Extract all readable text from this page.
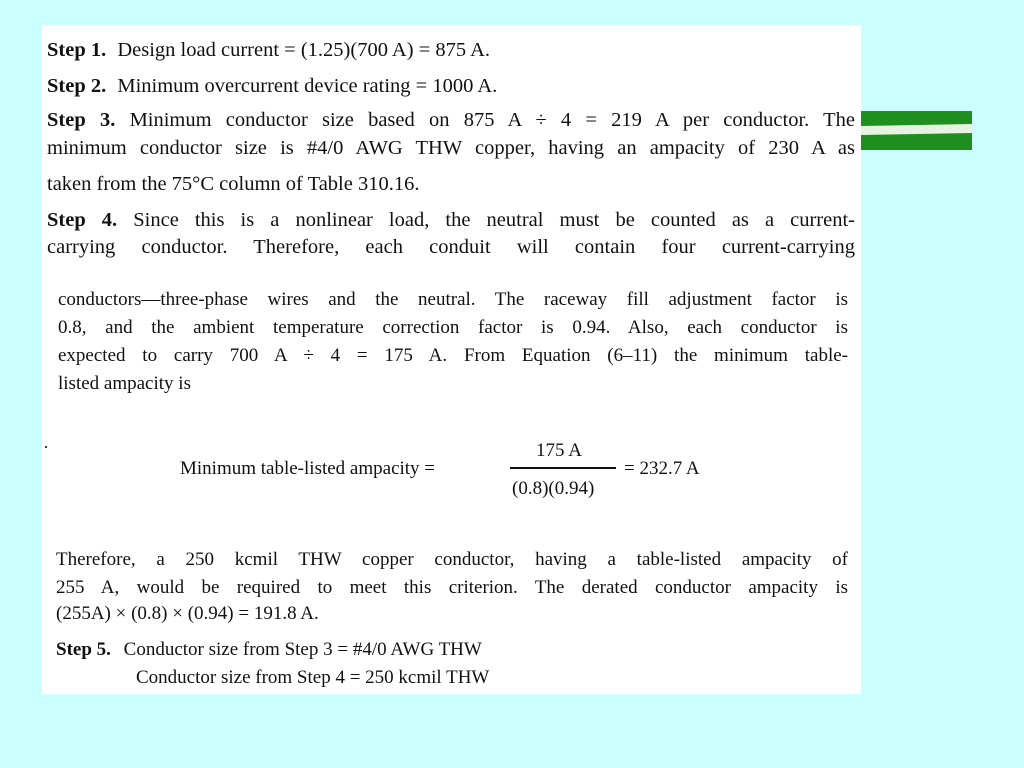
Step 1. Design load current = (1.25)(700 A) = 875 A.
Step 2. Minimum overcurrent device rating = 1000 A.
Step 3. Minimum conductor size based on 875 A ÷ 4 = 219 A per conductor. The
minimum conductor size is #4/0 AWG THW copper, having an ampacity of 230 A as
taken from the 75°C column of Table 310.16.
Step 4. Since this is a nonlinear load, the neutral must be counted as a current-
carrying conductor. Therefore, each conduit will contain four current-carrying
conductors—three-phase wires and the neutral. The raceway fill adjustment factor is
0.8, and the ambient temperature correction factor is 0.94. Also, each conductor is
expected to carry 700 A ÷ 4 = 175 A. From Equation (6–11) the minimum table-
listed ampacity is
Minimum table-listed ampacity =
175 A
(0.8)(0.94)
= 232.7 A
Therefore, a 250 kcmil THW copper conductor, having a table-listed ampacity of
255 A, would be required to meet this criterion. The derated conductor ampacity is
(255A) × (0.8) × (0.94) = 191.8 A.
Step 5. Conductor size from Step 3 = #4/0 AWG THW
Conductor size from Step 4 = 250 kcmil THW
